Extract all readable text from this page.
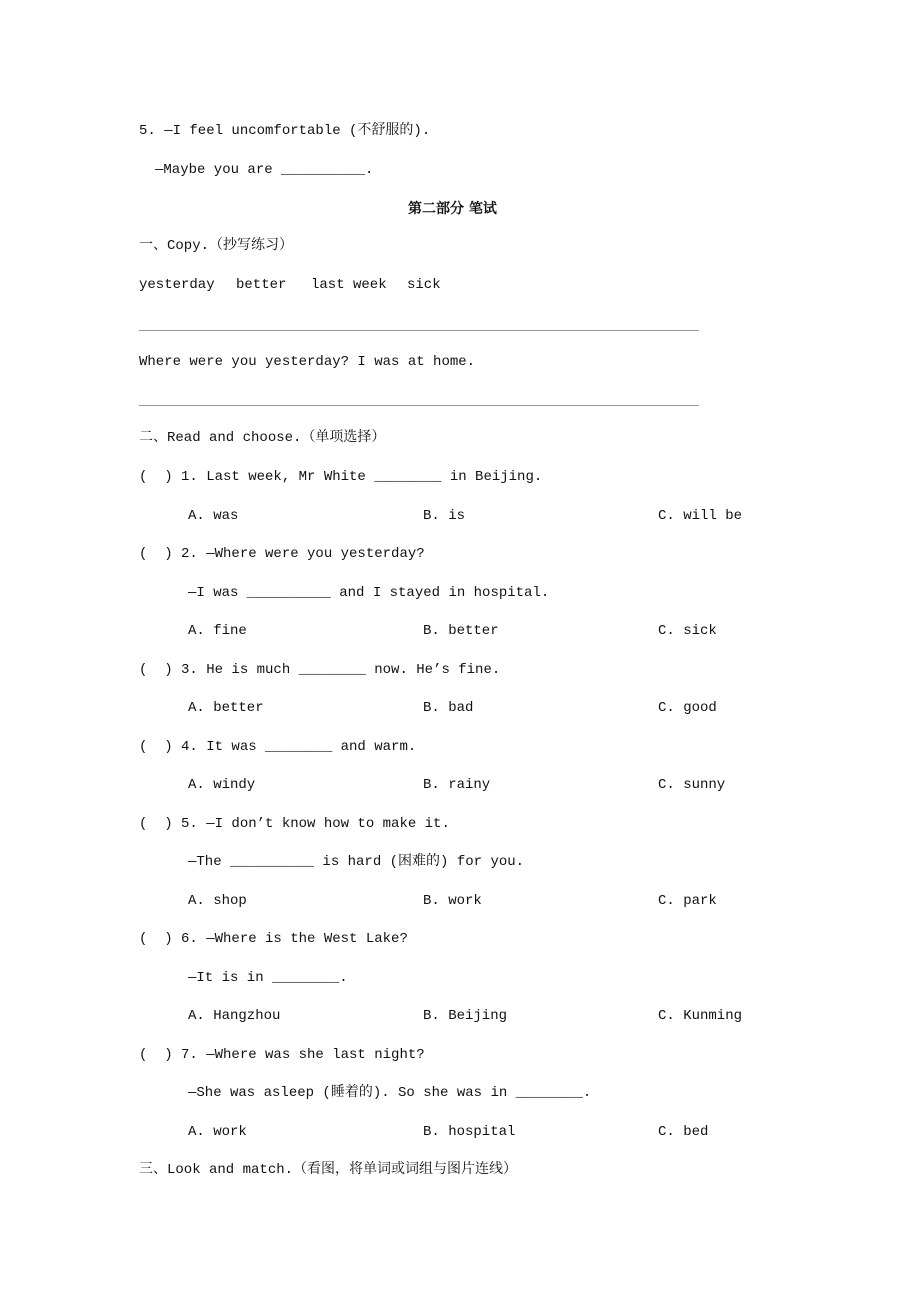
5. —I feel uncomfortable (不舒服的).
—Maybe you are __________.
第二部分 笔试
一、Copy.（抄写练习）
yesterday better last week sick
Where were you yesterday? I was at home.
二、Read and choose.（单项选择）
(  ) 1. Last week, Mr White ________ in Beijing.
A. was	B. is	C. will be
(  ) 2. —Where were you yesterday?
—I was __________ and I stayed in hospital.
A. fine	B. better	C. sick
(  ) 3. He is much ________ now. He’s fine.
A. better	B. bad	C. good
(  ) 4. It was ________ and warm.
A. windy	B. rainy	C. sunny
(  ) 5. —I don’t know how to make it.
—The __________ is hard (困难的) for you.
A. shop	B. work	C. park
(  ) 6. —Where is the West Lake?
—It is in ________.
A. Hangzhou	B. Beijing	C. Kunming
(  ) 7. —Where was she last night?
—She was asleep (睡着的). So she was in ________.
A. work	B. hospital	C. bed
三、Look and match.（看图，将单词或词组与图片连线）
